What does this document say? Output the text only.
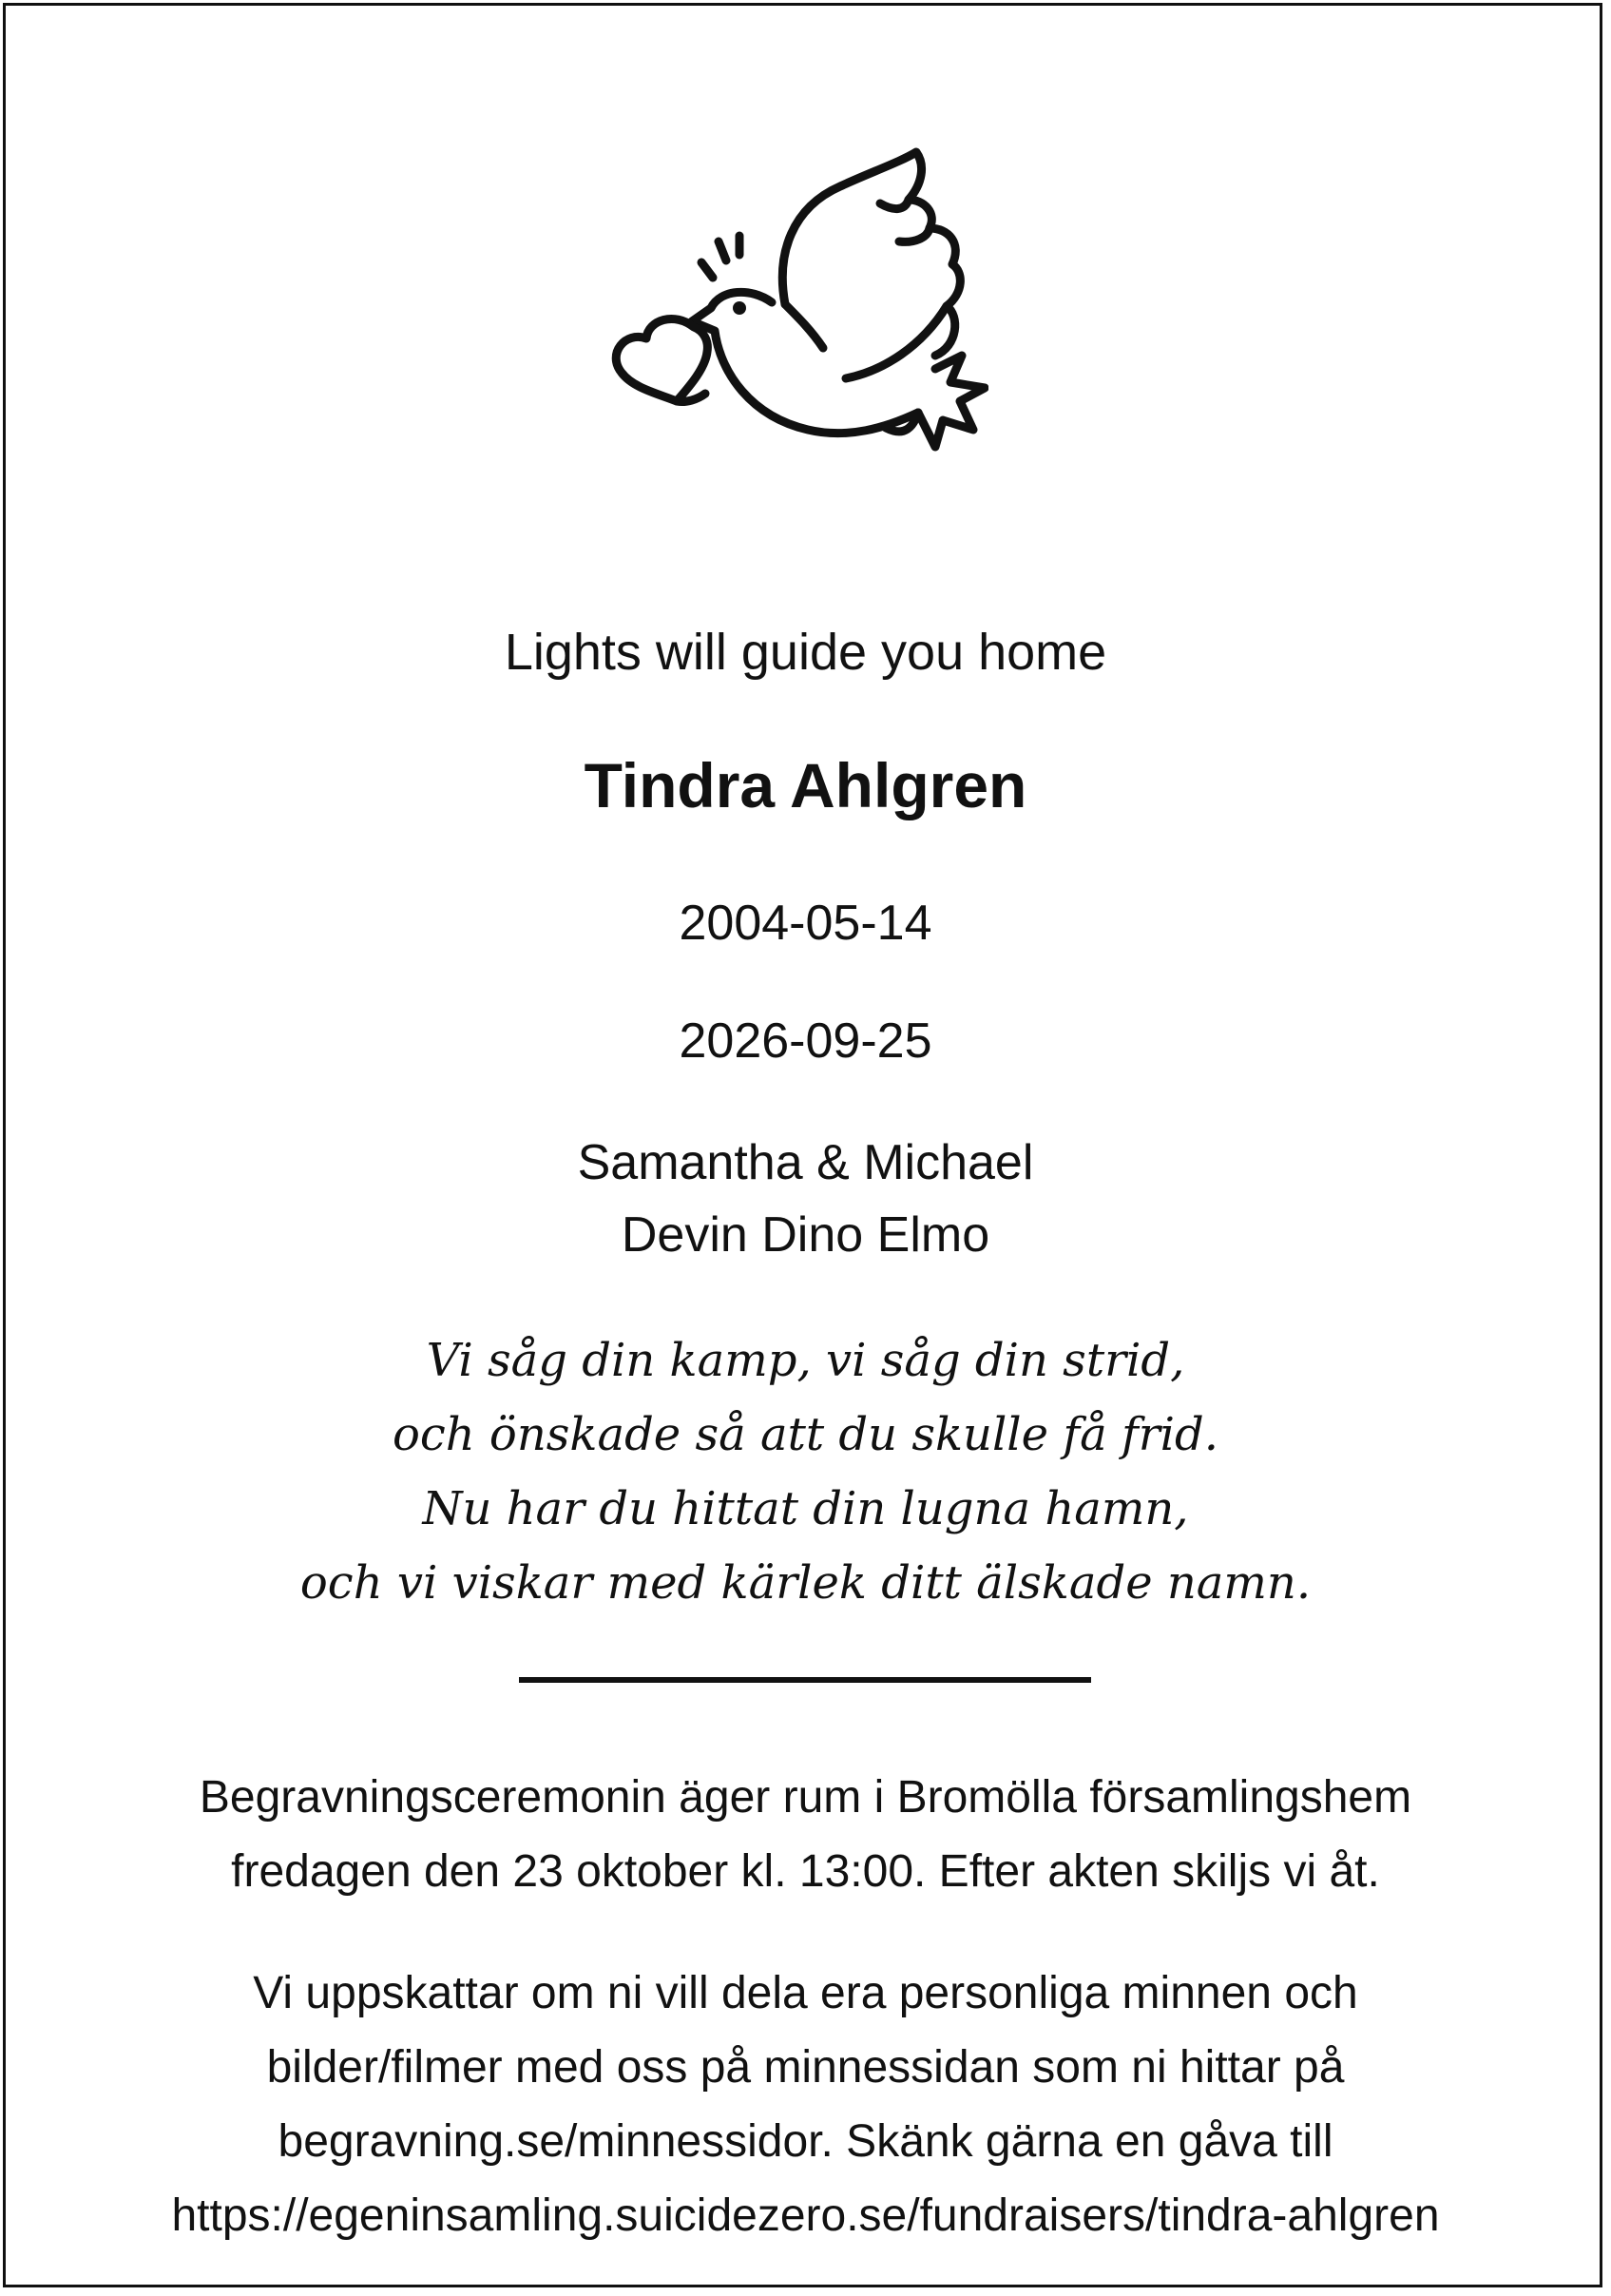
Lights will guide you home
Tindra Ahlgren
2004-05-14
2026-09-25
Samantha & Michael
Devin Dino Elmo
Vi såg din kamp, vi såg din strid,
och önskade så att du skulle få frid.
Nu har du hittat din lugna hamn,
och vi viskar med kärlek ditt älskade namn.
Begravningsceremonin äger rum i Bromölla församlingshem
fredagen den 23 oktober kl. 13:00. Efter akten skiljs vi åt.
Vi uppskattar om ni vill dela era personliga minnen och
bilder/filmer med oss på minnessidan som ni hittar på
begravning.se/minnessidor. Skänk gärna en gåva till
https://egeninsamling.suicidezero.se/fundraisers/tindra-ahlgren
